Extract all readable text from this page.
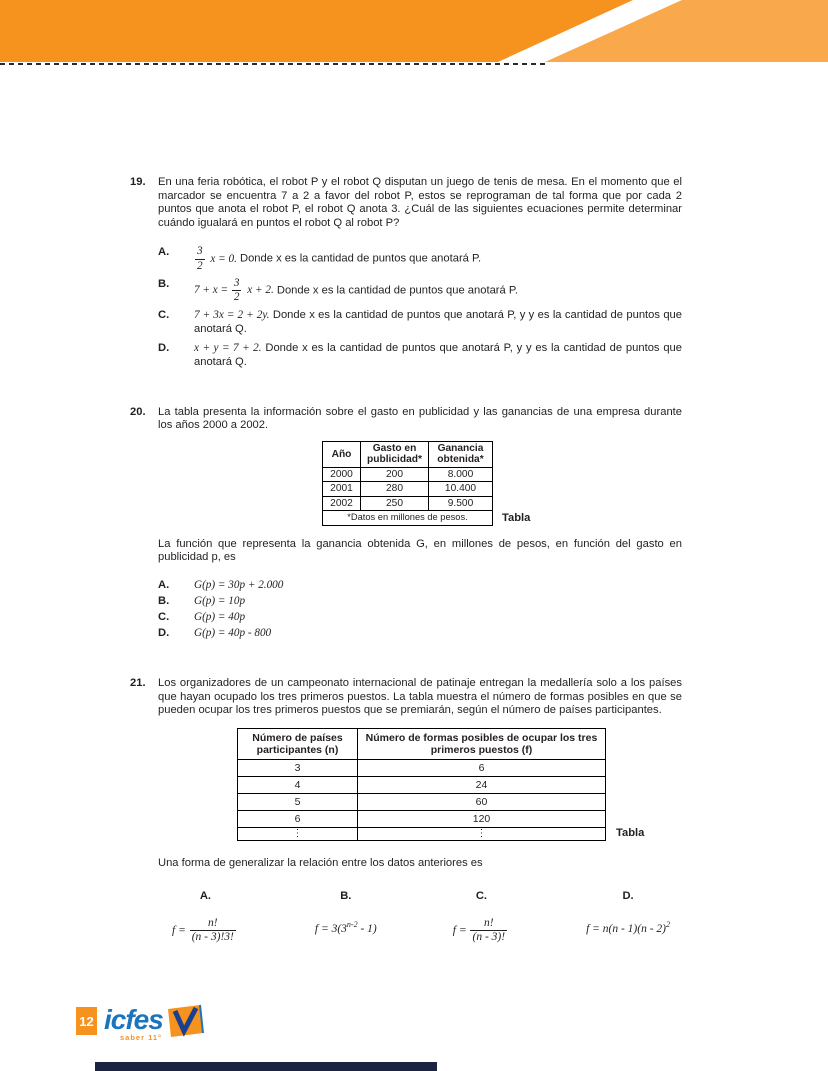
19.	En una feria robótica, el robot P y el robot Q disputan un juego de tenis de mesa. En el momento que el marcador se encuentra 7 a 2 a favor del robot P, estos se reprograman de tal forma que por cada 2 puntos que anota el robot P, el robot Q anota 3. ¿Cuál de las siguientes ecuaciones permite determinar cuándo igualará en puntos el robot Q al robot P?

A.	$\frac{3}{2}$ x = 0. Donde x es la cantidad de puntos que anotará P.
B.
$7 + x = \frac{3}{2}$ x + 2. Donde x es la cantidad de puntos que anotará P.
C.	7 + 3x = 2 + 2y. Donde x es la cantidad de puntos que anotará P, y y es la cantidad de puntos que anotará Q.
D.	x + y = 7 + 2. Donde x es la cantidad de puntos que anotará P, y y es la cantidad de puntos que anotará Q.
20.	La tabla presenta la información sobre el gasto en publicidad y las ganancias de una empresa durante los años 2000 a 2002.

Año	Gasto en publicidad*	Ganancia obtenida*
2000	200	8.000
2001	280	10.400
2002	250	9.500
*Datos en millones de pesos.			Tabla

La función que representa la ganancia obtenida G, en millones de pesos, en función del gasto en publicidad p, es

A.	G(p) = 30p + 2.000
B.	G(p) = 10p
C.	G(p) = 40p
D.	G(p) = 40p - 800
21.	Los organizadores de un campeonato internacional de patinaje entregan la medallería solo a los países que hayan ocupado los tres primeros puestos. La tabla muestra el número de formas posibles en que se pueden ocupar los tres primeros puestos que se premiarán, según el número de países participantes.

Número de países participantes (n)	Número de formas posibles de ocupar los tres primeros puestos (f)
3	6
4	24
5	60
6	120
⋮	⋮	Tabla

Una forma de generalizar la relación entre los datos anteriores es

A.
$f = \frac{n!}{(n - 3)!3!}$
B.
$f = 3(3^{n-2} - 1)$
C.
$f = \frac{n!}{(n - 3)!}$
D.
f = n(n - 1)(n - 2)$^2$
12 icfes
saber 11°
